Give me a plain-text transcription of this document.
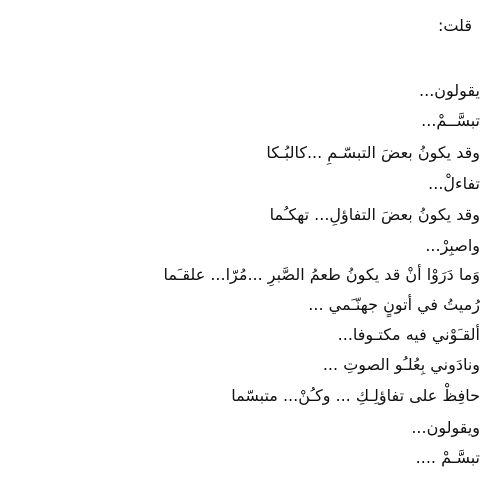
قلت:
يقولون...
تبسَّــمْ...
وقد يكونُ بعضَ التبسّـمِ ...كالبُـكا
تفاءلْ...
وقد يكونُ بعضَ التفاؤلِ... تهكـُما
واصبِرْ...
وَما دَرَوْا أنْ قد يكونُ طعمُ الصَّبرِ ...مُرّا... علقـَما
رُميتُ في أتونٍ جهنّـَمي ...
ألقـَوْني فيه مكتـوفا...
ونادَوني بِعُلـُو الصوتِ ...
حافِظْ على تفاؤلِـكِ ... وكـُنْ... متبسّما
ويقولون...
تبسَّـمْ ....
